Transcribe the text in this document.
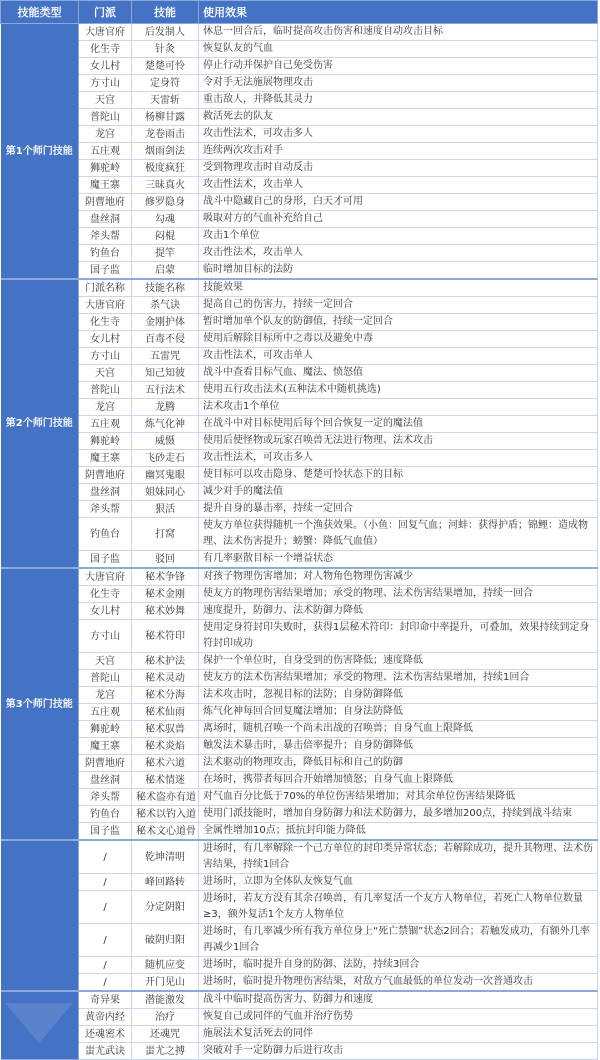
技能类型	门派	技能	使用效果
第1个师门技能	大唐官府	后发制人	休息一回合后，临时提高攻击伤害和速度自动攻击目标
	化生寺	针灸	恢复队友的气血
	女儿村	楚楚可怜	停止行动并保护自己免受伤害
	方寸山	定身符	令对手无法施展物理攻击
	天宫	天雷斩	重击敌人，并降低其灵力
	普陀山	杨柳甘露	救活死去的队友
	龙宫	龙卷雨击	攻击性法术，可攻击多人
	五庄观	烟雨剑法	连续两次攻击对手
	狮驼岭	极度疯狂	受到物理攻击时自动反击
	魔王寨	三昧真火	攻击性法术，攻击单人
	阴曹地府	修罗隐身	战斗中隐藏自己的身形，白天才可用
	盘丝洞	勾魂	吸取对方的气血补充给自己
	斧头帮	闷棍	攻击1个单位
	钓鱼台	提竿	攻击性法术，攻击单人
	国子监	启蒙	临时增加目标的法防
第2个师门技能	门派名称	技能名称	技能效果
	大唐官府	杀气诀	提高自己的伤害力，持续一定回合
	化生寺	金刚护体	暂时增加单个队友的防御值，持续一定回合
	女儿村	百毒不侵	使用后解除目标所中之毒以及避免中毒
	方寸山	五雷咒	攻击性法术，可攻击单人
	天宫	知己知彼	战斗中查看目标气血、魔法、愤怒值
	普陀山	五行法术	使用五行攻击法术(五种法术中随机挑选)
	龙宫	龙腾	法术攻击1个单位
	五庄观	炼气化神	在战斗中对目标使用后每个回合恢复一定的魔法值
	狮驼岭	威慑	使用后使怪物或玩家召唤兽无法进行物理、法术攻击
	魔王寨	飞砂走石	攻击性法术，可攻击多人
	阴曹地府	幽冥鬼眼	使目标可以攻击隐身、楚楚可怜状态下的目标
	盘丝洞	姐妹同心	减少对手的魔法值
	斧头帮	狠活	提升自身的暴击率，持续一定回合
	钓鱼台	打窝	使友方单位获得随机一个渔获效果。（小鱼：回复气血；河蚌：获得护盾；锦鲤：造成物理、法术伤害提升；螃蟹：降低气血值）
	国子监	驳回	有几率驱散目标一个增益状态
第3个师门技能	大唐官府	秘术争锋	对孩子物理伤害增加；对人物角色物理伤害减少
	化生寺	秘术金刚	使友方的物理伤害结果增加；承受的物理、法术伤害结果增加，持续一回合
	女儿村	秘术妙舞	速度提升，防御力、法术防御力降低
	方寸山	秘术符印	使用定身符封印失败时，获得1层秘术符印：封印命中率提升，可叠加，效果持续到定身符封印成功
	天宫	秘术护法	保护一个单位时，自身受到的伤害降低；速度降低
	普陀山	秘术灵动	使友方的法术伤害结果增加；承受的物理、法术伤害结果增加，持续1回合
	龙宫	秘术分海	法术攻击时，忽视目标的法防；自身防御降低
	五庄观	秘术仙雨	炼气化神每回合回复魔法增加；自身法防降低
	狮驼岭	秘术驭兽	离场时，随机召唤一个尚未出战的召唤兽；自身气血上限降低
	魔王寨	秘术炎焰	触发法术暴击时，暴击倍率提升；自身防御降低
	阴曹地府	秘术六道	法术驱动的物理攻击，降低目标和自己的防御
	盘丝洞	秘术情迷	在场时，携带者每回合开始增加愤怒；自身气血上限降低
	斧头帮	秘术盗亦有道	对气血百分比低于70%的单位伤害结果增加；对其余单位伤害结果降低
	钓鱼台	秘术以钓入道	使用门派技能时，增加自身防御力和法术防御力，最多增加200点，持续到战斗结束
	国子监	秘术文心道骨	全属性增加10点；抵抗封印能力降低
	/	乾坤清明	进场时，有几率解除一个己方单位的封印类异常状态；若解除成功，提升其物理、法术伤害结果，持续1回合
	/	峰回路转	进场时，立即为全体队友恢复气血
	/	分定阴阳	进场时，若友方没有其余召唤兽，有几率复活一个友方人物单位，若死亡人物单位数量≥3，额外复活1个友方人物单位
	/	破阴归阳	进场时，有几率减少所有我方单位身上“死亡禁锢”状态2回合；若触发成功，有额外几率再减少1回合
	/	随机应变	进场时，临时提升自身的防御、法防，持续3回合
	/	开门见山	进场时，临时提升物理伤害结果，对敌方气血最低的单位发动一次普通攻击
	奇异果	潜能激发	战斗中临时提高伤害力、防御力和速度
	黄帝内经	治疗	恢复自己或同伴的气血并治疗伤势
	还魂密术	还魂咒	施展法术复活死去的同伴
	蚩尤武诀	蚩尤之搏	突破对手一定防御力后进行攻击
